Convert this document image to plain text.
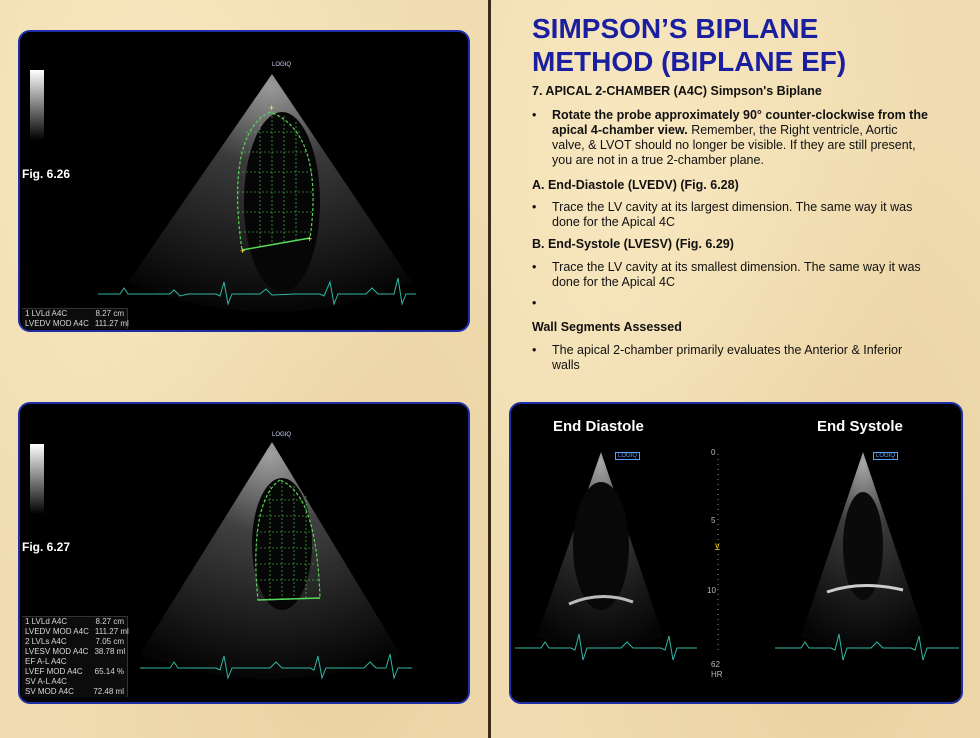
+
+
+
LOGIQ
1 LVLd A4C	8.27 cm
LVEDV MOD A4C 111.27 ml
Fig. 6.26
LOGIQ
1 LVLd A4C	8.27 cm
LVEDV MOD A4C 111.27 ml
2 LVLs A4C	7.05 cm
LVESV MOD A4C 38.78 ml
EF A-L A4C
LVEF MOD A4C 65.14 %
SV A-L A4C
SV MOD A4C 72.48 ml
Fig. 6.27
SIMPSON’S BIPLANE
METHOD (BIPLANE EF)
7. APICAL 2-CHAMBER (A4C) Simpson's Biplane
• Rotate the probe approximately 90° counter-clockwise from the apical 4-chamber view. Remember, the Right ventricle, Aortic valve, & LVOT should no longer be visible. If they are still present, you are not in a true 2-chamber plane.
A. End-Diastole (LVEDV) (Fig. 6.28)
• Trace the LV cavity at its largest dimension. The same way it was done for the Apical 4C
B. End-Systole (LVESV) (Fig. 6.29)
• Trace the LV cavity at its smallest dimension. The same way it was done for the Apical 4C
•
Wall Segments Assessed
• The apical 2-chamber primarily evaluates the Anterior & Inferior walls
⊻
End Diastole	End Systole
LOGIQ	LOGIQ
0
5
10
62
HR
